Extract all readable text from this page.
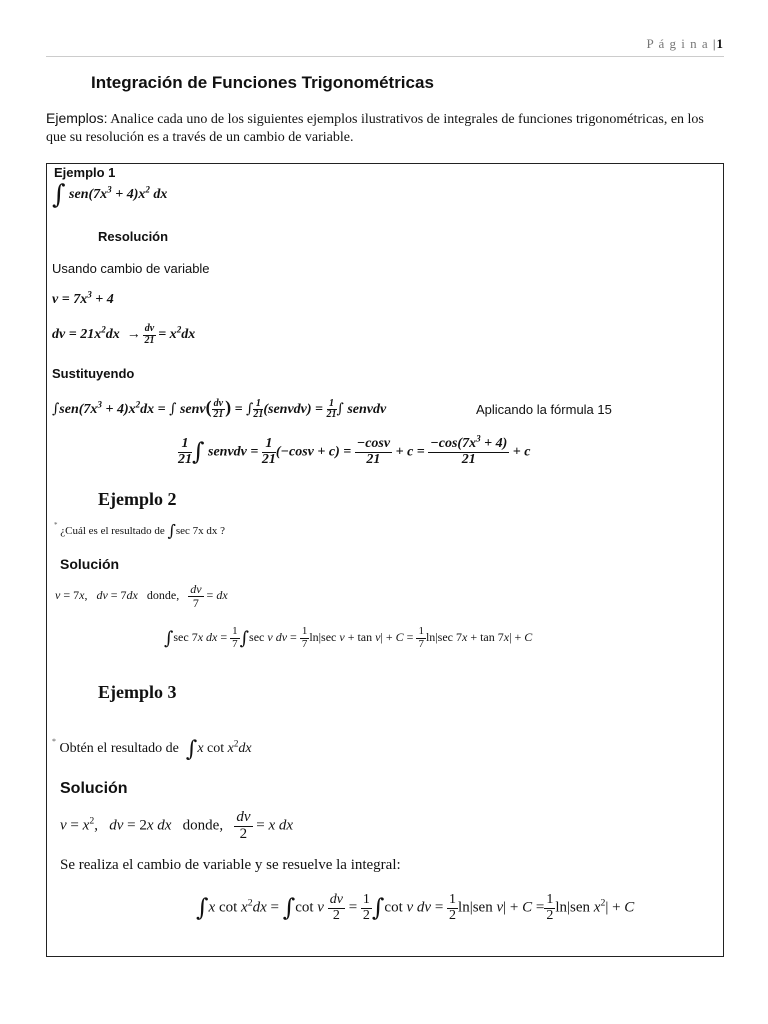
P á g i n a |1
Integración de Funciones Trigonométricas
Ejemplos: Analice cada uno de los siguientes ejemplos ilustrativos de integrales de funciones trigonométricas, en los que su resolución es a través de un cambio de variable.
Ejemplo 1
∫ $sen(7x^3 + 4)x^2$ dx
Resolución
Usando cambio de variable
$v = 7x^3 + 4$
dv = $21x^2dx \to \frac{dv}{21} = x^2dx$
Sustituyendo
$\int sen(7x^3 + 4)x^2dx$ = ∫ senv( $\frac{dv}{21}$ ) = ∫ $\frac{1}{21}$ (senvdv) = $\frac{1}{21}$ ∫ senvdv	Aplicando la fórmula 15
$\frac{1}{21}$ ∫ senvdv = $\frac{1}{21} (-\cos v + c) = \frac{-\cos v}{21} + c = \frac{-\cos(7x^3 + 4)}{21} + c$
Ejemplo 2
* ¿Cuál es el resultado de ∫sec 7x dx ?
Solución
v = 7x,   dv = 7dx donde, $\frac{dv}{7}$ = dx
∫sec 7x dx = $\frac{1}{7} \int\sec$ v dv = $\frac{1}{7} \ln|\sec$ $v + \tan v| + C = \frac{1}{7} \ln|\sec$ 7x + tan 7x| + C
Ejemplo 3
* Obtén el resultado de ∫x $\cot x^2dx$
Solución
$v = x^2$,   dv = 2x dx donde, $\frac{dv}{2} = x$ dx
Se realiza el cambio de variable y se resuelve la integral:
∫x $\cot x^2dx = \int\cot$ v $\frac{dv}{2} = \frac{1}{2} \int\cot$ v dv = $\frac{1}{2} \ln|sen$ $v| + C = \frac{1}{2} \ln|sen$ $x^2| + C$
